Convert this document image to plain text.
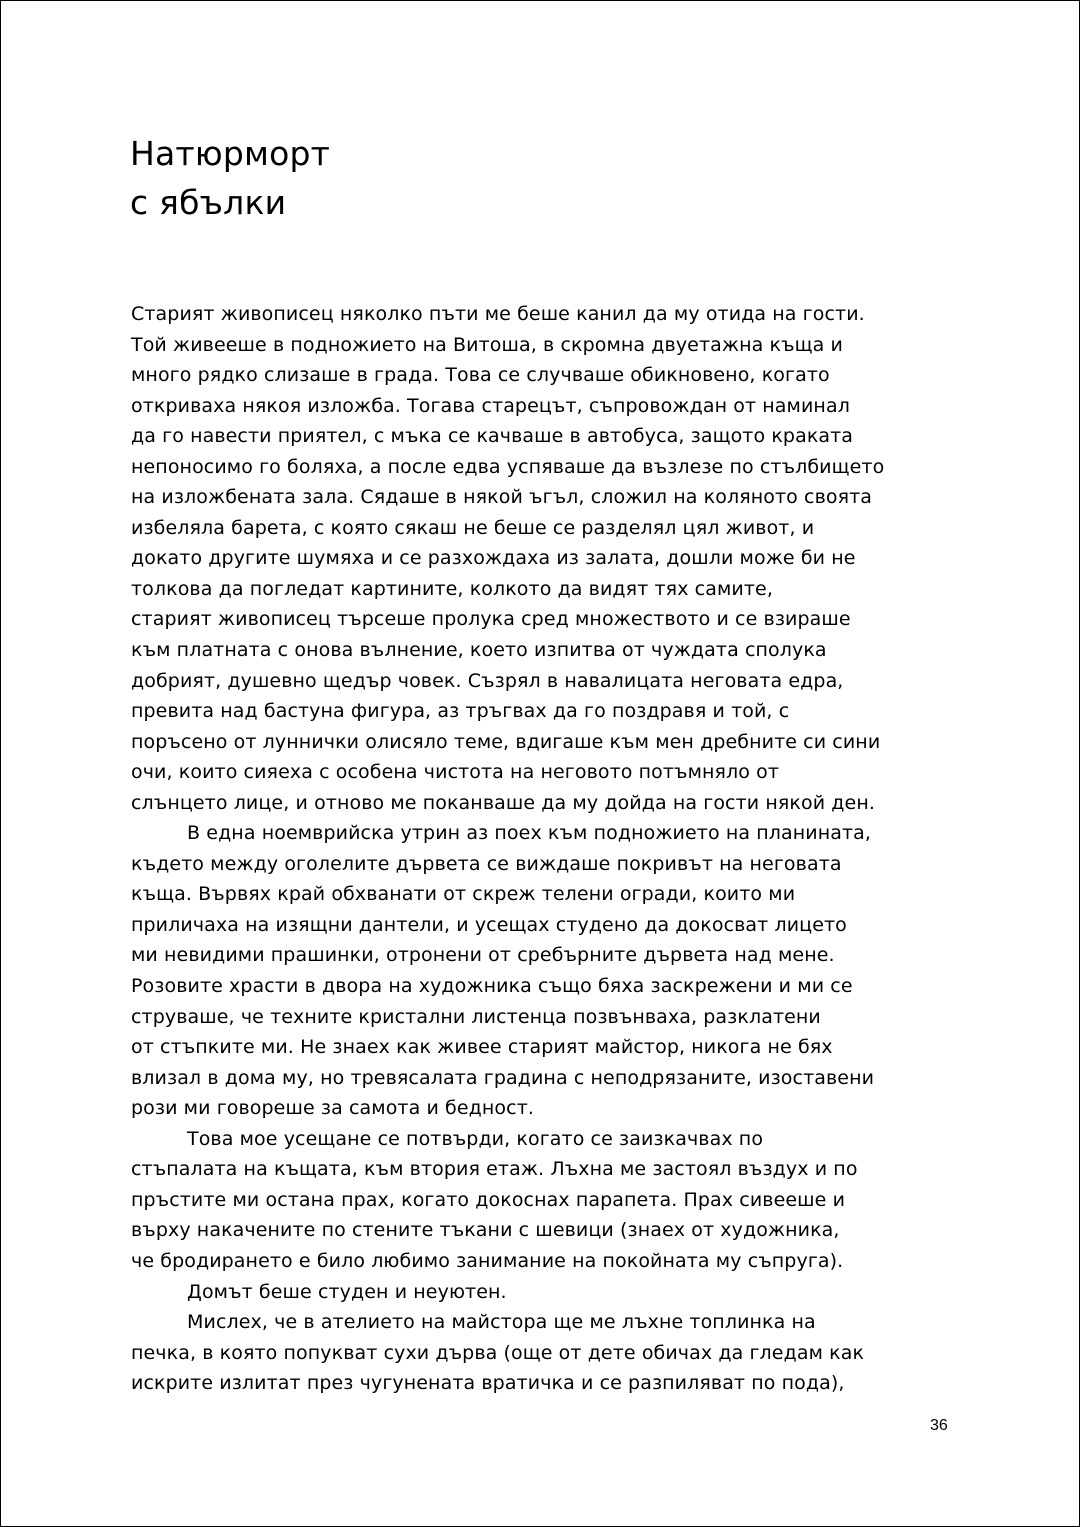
Натюрморт
с ябълки
Старият живописец няколко пъти ме беше канил да му отида на гости.
Той живееше в подножието на Витоша, в скромна двуетажна къща и
много рядко слизаше в града. Това се случваше обикновено, когато
откриваха някоя изложба. Тогава старецът, съпровождан от наминал
да го навести приятел, с мъка се качваше в автобуса, защото краката
непоносимо го боляха, а после едва успяваше да възлезе по стълбището
на изложбената зала. Сядаше в някой ъгъл, сложил на коляното своята
избеляла барета, с която сякаш не беше се разделял цял живот, и
докато другите шумяха и се разхождаха из залата, дошли може би не
толкова да погледат картините, колкото да видят тях самите,
старият живописец търсеше пролука сред множеството и се взираше
към платната с онова вълнение, което изпитва от чуждата сполука
добрият, душевно щедър човек. Съзрял в навалицата неговата едра,
превита над бастуна фигура, аз тръгвах да го поздравя и той, с
поръсено от луннички олисяло теме, вдигаше към мен дребните си сини
очи, които сияеха с особена чистота на неговото потъмняло от
слънцето лице, и отново ме поканваше да му дойда на гости някой ден.
В една ноемврийска утрин аз поех към подножието на планината,
където между оголелите дървета се виждаше покривът на неговата
къща. Вървях край обхванати от скреж телени огради, които ми
приличаха на изящни дантели, и усещах студено да докосват лицето
ми невидими прашинки, отронени от сребърните дървета над мене.
Розовите храсти в двора на художника също бяха заскрежени и ми се
струваше, че техните кристални листенца позвънваха, разклатени
от стъпките ми. Не знаех как живее старият майстор, никога не бях
влизал в дома му, но тревясалата градина с неподрязаните, изоставени
рози ми говореше за самота и бедност.
Това мое усещане се потвърди, когато се заизкачвах по
стъпалата на къщата, към втория етаж. Лъхна ме застоял въздух и по
пръстите ми остана прах, когато докоснах парапета. Прах сивееше и
върху накачените по стените тъкани с шевици (знаех от художника,
че бродирането е било любимо занимание на покойната му съпруга).
Домът беше студен и неуютен.
Мислех, че в ателието на майстора ще ме лъхне топлинка на
печка, в която попукват сухи дърва (още от дете обичах да гледам как
искрите излитат през чугунената вратичка и се разпиляват по пода),
36
